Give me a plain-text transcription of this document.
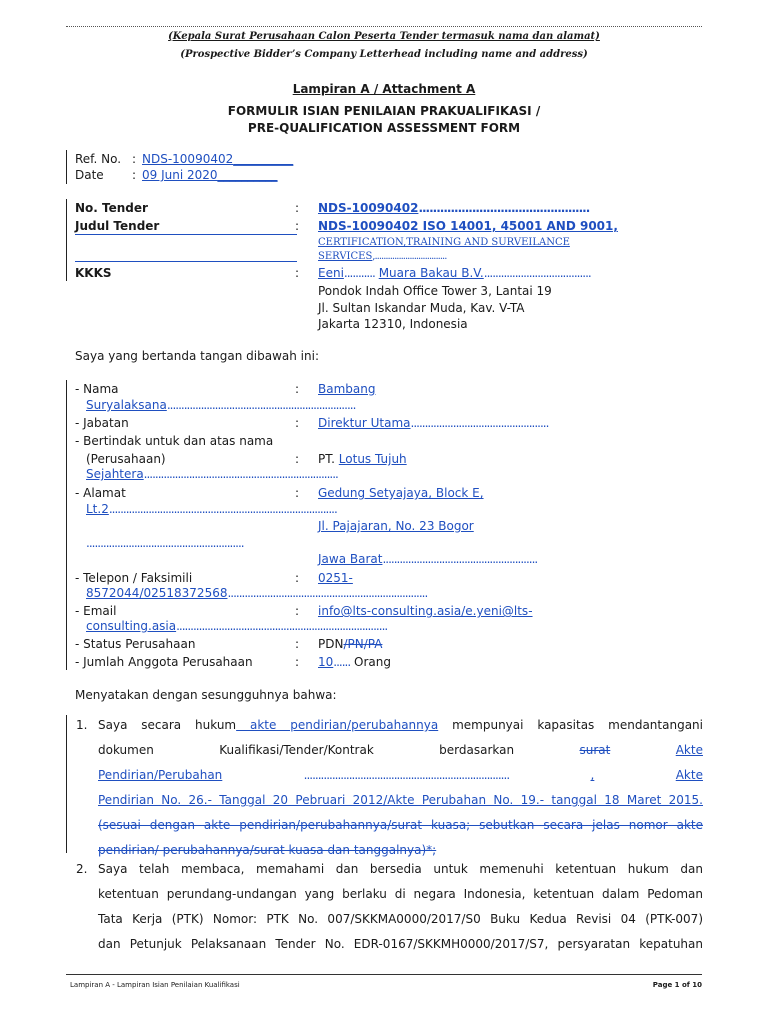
(Kepala Surat Perusahaan Calon Peserta Tender termasuk nama dan alamat)
(Prospective Bidder’s Company Letterhead including name and address)
Lampiran A / Attachment A
FORMULIR ISIAN PENILAIAN PRAKUALIFIKASI /
PRE-QUALIFICATION ASSESSMENT FORM
Ref. No. : NDS-10090402__________
Date : 09 Juni 2020__________
No. Tender	: NDS-10090402................................................
Judul Tender	: NDS-10090402 ISO 14001, 45001 AND 9001,
CERTIFICATION,TRAINING AND SURVEILANCE
SERVICES,.................................
KKKS	: Eeni........... Muara Bakau B.V.......................................
Pondok Indah Office Tower 3, Lantai 19
Jl. Sultan Iskandar Muda, Kav. V-TA
Jakarta 12310, Indonesia
Saya yang bertanda tangan dibawah ini:
- Nama	: Bambang
Suryalaksana...................................................................
- Jabatan	: Direktur Utama.................................................
- Bertindak untuk dan atas nama
(Perusahaan)	: PT. Lotus Tujuh
Sejahtera.....................................................................
- Alamat	: Gedung Setyajaya, Block E,
Lt.2.................................................................................
Jl. Pajajaran, No. 23 Bogor
........................................................
Jawa Barat.......................................................
- Telepon / Faksimili	: 0251-
8572044/02518372568.......................................................................
- Email	: info@lts-consulting.asia/e.yeni@lts-
consulting.asia...........................................................................
- Status Perusahaan	: PDN/PN/PA
- Jumlah Anggota Perusahaan	: 10...... Orang
Menyatakan dengan sesungguhnya bahwa:
1. Saya secara hukum akte pendirian/perubahannya mempunyai kapasitas mendantangani
dokumen	Kualifikasi/Tender/Kontrak	berdasarkan	surat	Akte
Pendirian/Perubahan	.........................................................................	,	Akte
Pendirian No. 26.- Tanggal 20 Pebruari 2012/Akte Perubahan No. 19.- tanggal 18 Maret 2015.
(sesuai dengan akte pendirian/perubahannya/surat kuasa; sebutkan secara jelas nomor akte
pendirian/ perubahannya/surat kuasa dan tanggalnya)*;
2. Saya telah membaca, memahami dan bersedia untuk memenuhi ketentuan hukum dan
ketentuan perundang-undangan yang berlaku di negara Indonesia, ketentuan dalam Pedoman
Tata Kerja (PTK) Nomor: PTK No. 007/SKKMA0000/2017/S0 Buku Kedua Revisi 04 (PTK-007)
dan Petunjuk Pelaksanaan Tender No. EDR-0167/SKKMH0000/2017/S7, persyaratan kepatuhan
Lampiran A - Lampiran Isian Penilaian Kualifikasi	Page 1 of 10
